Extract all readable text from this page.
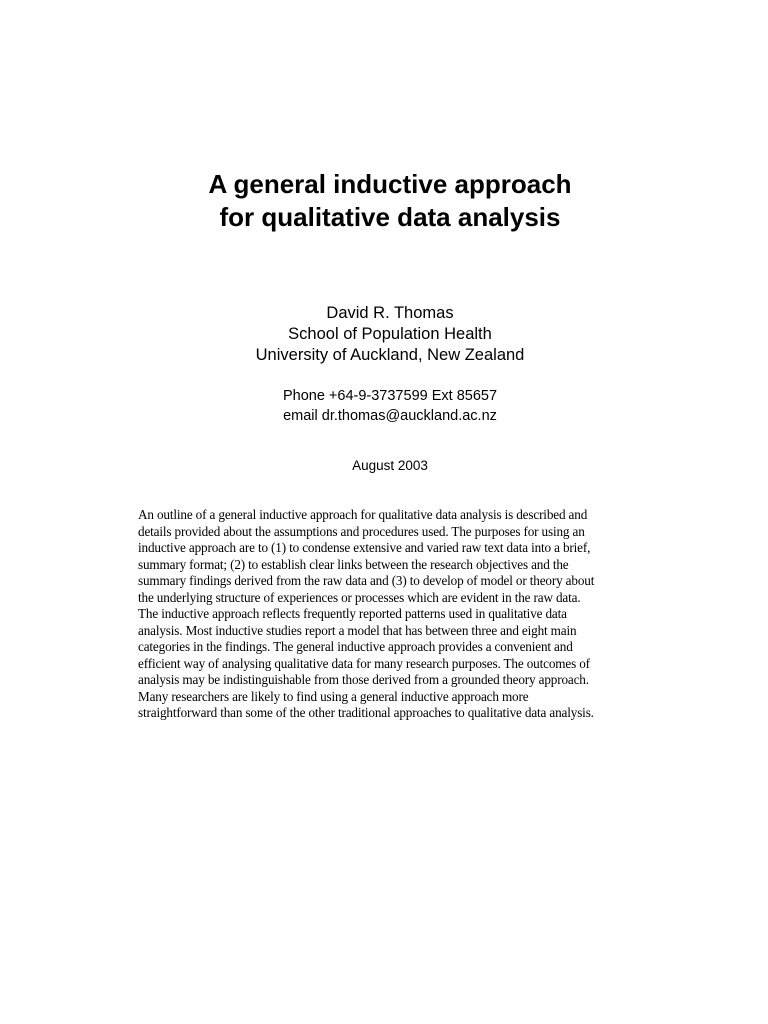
A general inductive approach
for qualitative data analysis
David R. Thomas
School of Population Health
University of Auckland, New Zealand
Phone +64-9-3737599 Ext 85657
email dr.thomas@auckland.ac.nz
August 2003
An outline of a general inductive approach for qualitative data analysis is described and
details provided about the assumptions and procedures used. The purposes for using an
inductive approach are to (1) to condense extensive and varied raw text data into a brief,
summary format; (2) to establish clear links between the research objectives and the
summary findings derived from the raw data and (3) to develop of model or theory about
the underlying structure of experiences or processes which are evident in the raw data.
The inductive approach reflects frequently reported patterns used in qualitative data
analysis. Most inductive studies report a model that has between three and eight main
categories in the findings. The general inductive approach provides a convenient and
efficient way of analysing qualitative data for many research purposes. The outcomes of
analysis may be indistinguishable from those derived from a grounded theory approach.
Many researchers are likely to find using a general inductive approach more
straightforward than some of the other traditional approaches to qualitative data analysis.
